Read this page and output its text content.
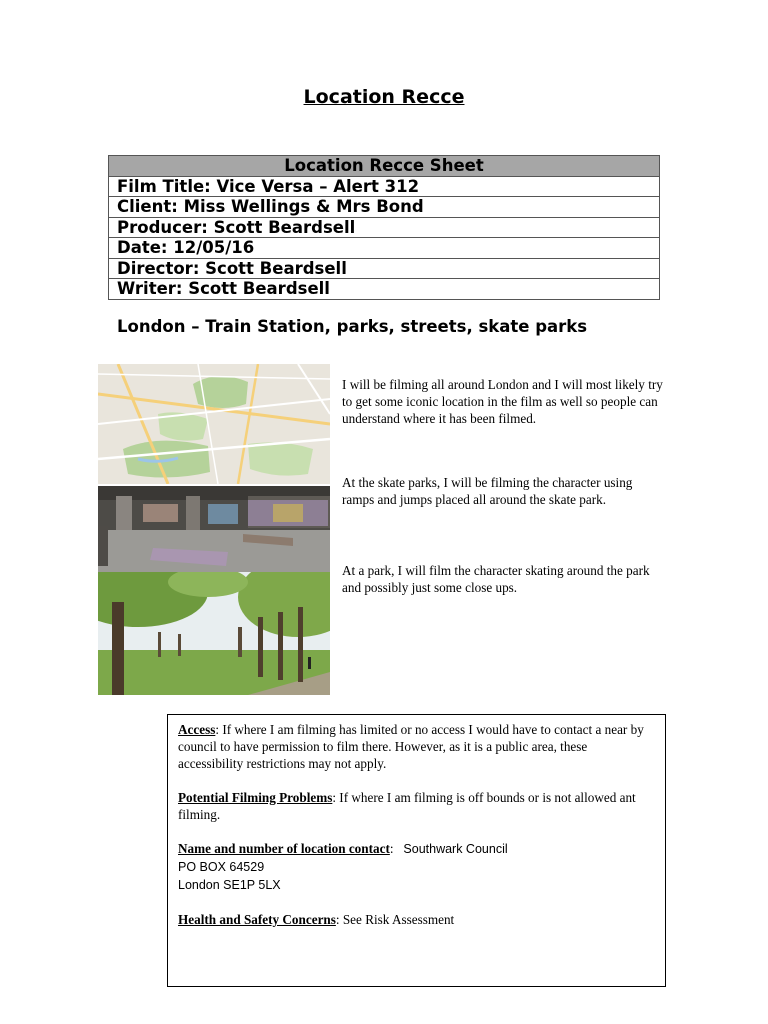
Location Recce
Location Recce Sheet
Film Title: Vice Versa – Alert 312
Client: Miss Wellings & Mrs Bond
Producer: Scott Beardsell
Date: 12/05/16
Director: Scott Beardsell
Writer: Scott Beardsell
London – Train Station, parks, streets, skate parks

I will be filming all around London and I will most likely try to get some iconic location in the film as well so people can understand where it has been filmed.

At the skate parks, I will be filming the character using ramps and jumps placed all around the skate park.

At a park, I will film the character skating around the park and possibly just some close ups.

Access: If where I am filming has limited or no access I would have to contact a near by council to have permission to film there. However, as it is a public area, these accessibility restrictions may not apply.

Potential Filming Problems: If where I am filming is off bounds or is not allowed ant filming.

Name and number of location contact: Southwark Council
PO BOX 64529
London SE1P 5LX

Health and Safety Concerns: See Risk Assessment
